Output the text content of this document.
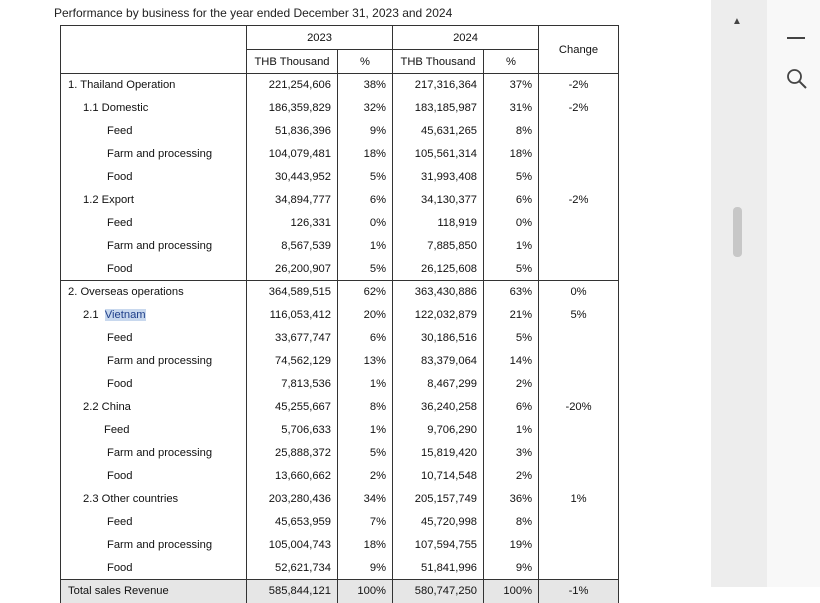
Performance by business for the year ended December 31, 2023 and 2024
	2023		2024		Change
	THB Thousand	%	THB Thousand	%	
1. Thailand Operation	221,254,606	38%	217,316,364	37%	-2%
1.1 Domestic	186,359,829	32%	183,185,987	31%	-2%
Feed	51,836,396	9%	45,631,265	8%	
Farm and processing	104,079,481	18%	105,561,314	18%	
Food	30,443,952	5%	31,993,408	5%	
1.2 Export	34,894,777	6%	34,130,377	6%	-2%
Feed	126,331	0%	118,919	0%	
Farm and processing	8,567,539	1%	7,885,850	1%	
Food	26,200,907	5%	26,125,608	5%	
2. Overseas operations	364,589,515	62%	363,430,886	63%	0%
2.1  Vietnam	116,053,412	20%	122,032,879	21%	5%
Feed	33,677,747	6%	30,186,516	5%	
Farm and processing	74,562,129	13%	83,379,064	14%	
Food	7,813,536	1%	8,467,299	2%	
2.2 China	45,255,667	8%	36,240,258	6%	-20%
Feed	5,706,633	1%	9,706,290	1%	
Farm and processing	25,888,372	5%	15,819,420	3%	
Food	13,660,662	2%	10,714,548	2%	
2.3 Other countries	203,280,436	34%	205,157,749	36%	1%
Feed	45,653,959	7%	45,720,998	8%	
Farm and processing	105,004,743	18%	107,594,755	19%	
Food	52,621,734	9%	51,841,996	9%	
Total sales Revenue	585,844,121	100%	580,747,250	100%	-1%
▲
